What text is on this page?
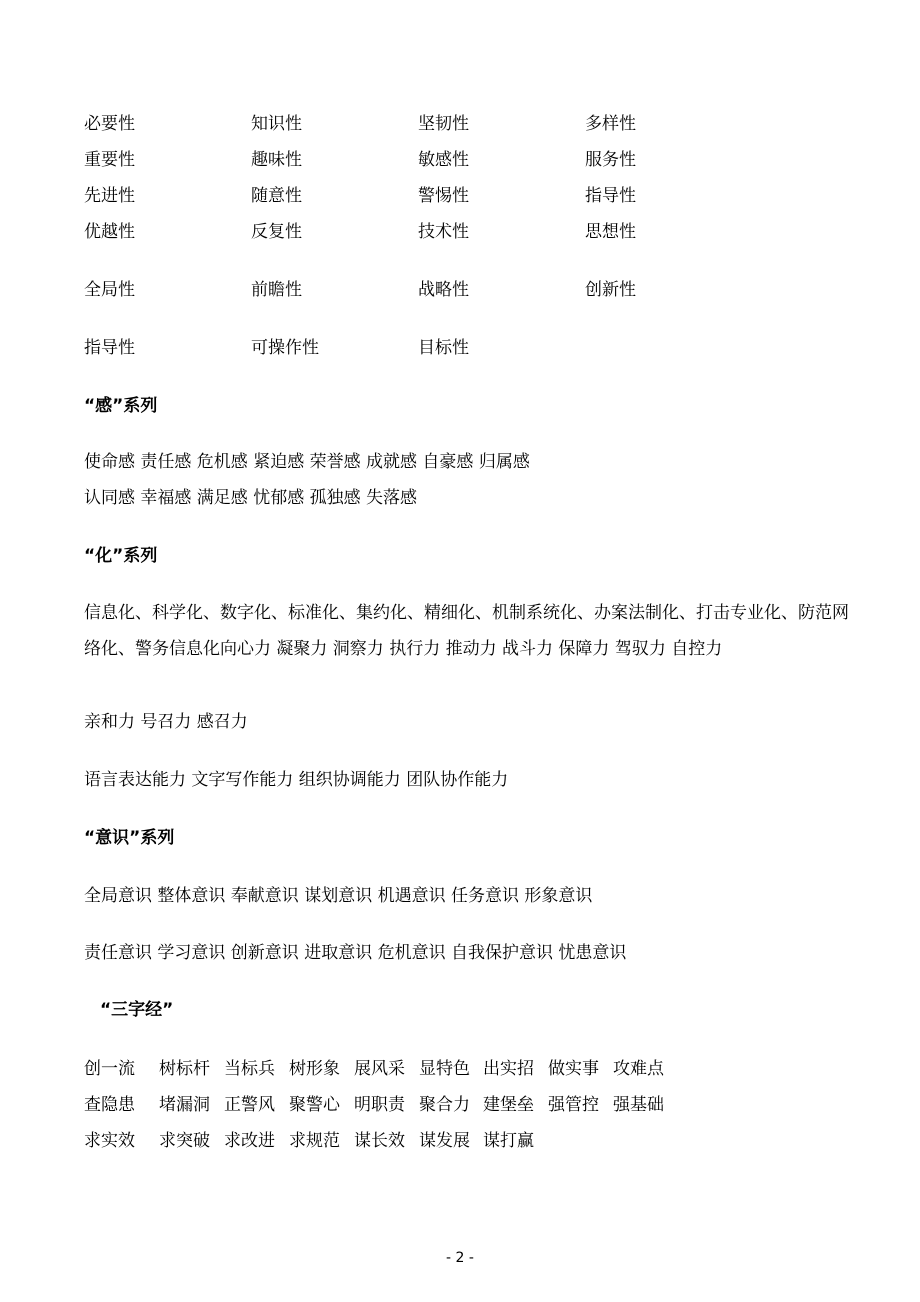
必要性	知识性	坚韧性	多样性
重要性	趣味性	敏感性	服务性
先进性	随意性	警惕性	指导性
优越性	反复性	技术性	思想性
全局性	前瞻性	战略性	创新性
指导性	可操作性	目标性
“感”系列
使命感 责任感 危机感 紧迫感 荣誉感 成就感 自豪感 归属感
认同感 幸福感 满足感 忧郁感 孤独感 失落感
“化”系列
信息化、科学化、数字化、标准化、集约化、精细化、机制系统化、办案法制化、打击专业化、防范网络化、警务信息化向心力 凝聚力 洞察力 执行力 推动力 战斗力 保障力 驾驭力 自控力
亲和力 号召力 感召力
语言表达能力 文字写作能力 组织协调能力 团队协作能力
“意识”系列
全局意识 整体意识 奉献意识 谋划意识 机遇意识 任务意识 形象意识
责任意识 学习意识 创新意识 进取意识 危机意识 自我保护意识 忧患意识
“三字经”
创一流 树标杆 当标兵 树形象 展风采 显特色 出实招 做实事 攻难点
查隐患 堵漏洞 正警风 聚警心 明职责 聚合力 建堡垒 强管控 强基础
求实效 求突破 求改进 求规范 谋长效 谋发展 谋打赢
- 2 -
